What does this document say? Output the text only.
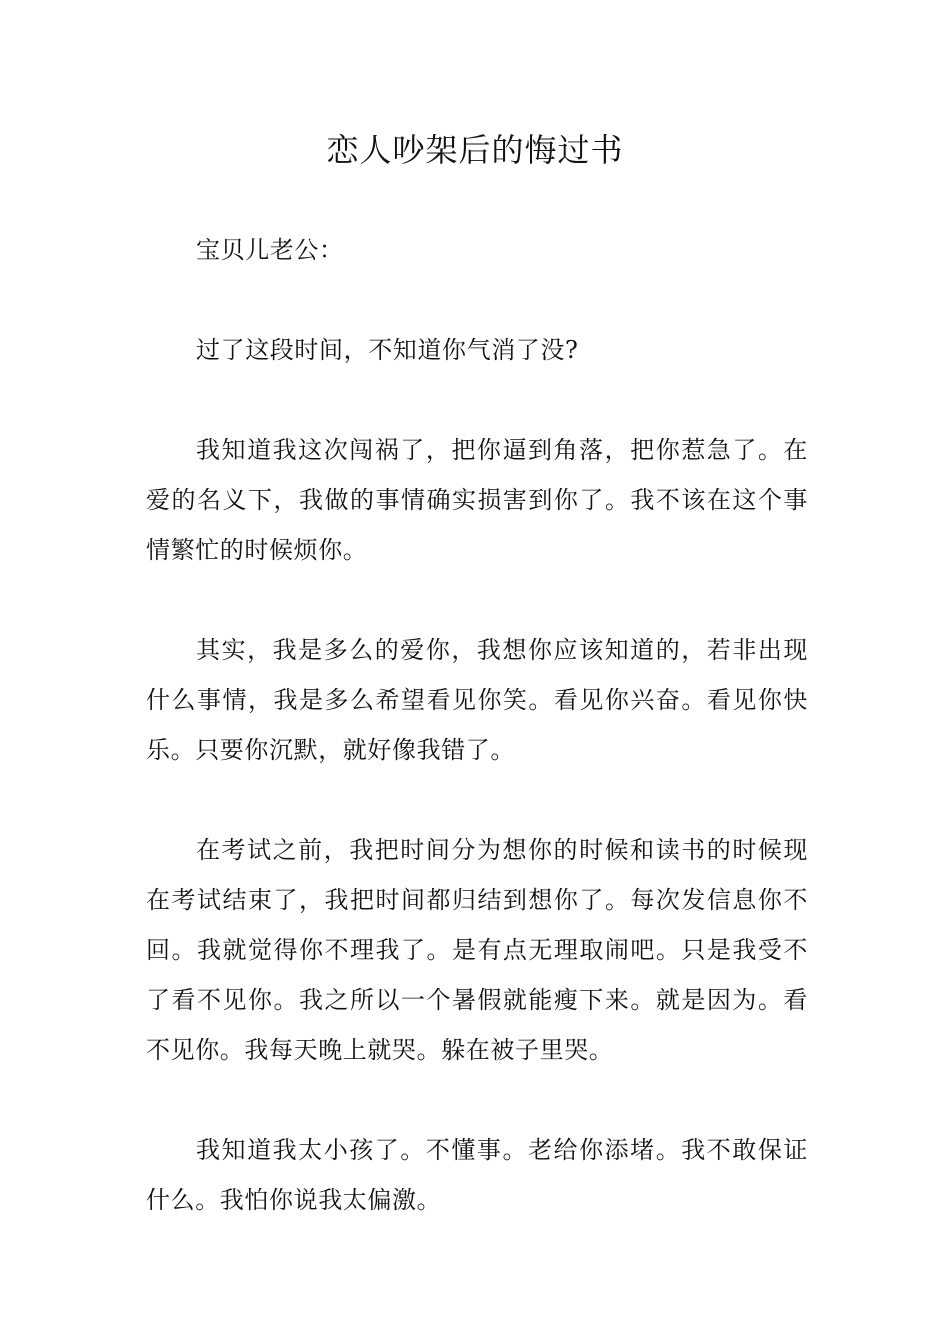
恋人吵架后的悔过书

宝贝儿老公：

过了这段时间，不知道你气消了没?

我知道我这次闯祸了，把你逼到角落，把你惹急了。在爱的名义下，我做的事情确实损害到你了。我不该在这个事情繁忙的时候烦你。

其实，我是多么的爱你，我想你应该知道的，若非出现什么事情，我是多么希望看见你笑。看见你兴奋。看见你快乐。只要你沉默，就好像我错了。

在考试之前，我把时间分为想你的时候和读书的时候现在考试结束了，我把时间都归结到想你了。每次发信息你不回。我就觉得你不理我了。是有点无理取闹吧。只是我受不了看不见你。我之所以一个暑假就能瘦下来。就是因为。看不见你。我每天晚上就哭。躲在被子里哭。

我知道我太小孩了。不懂事。老给你添堵。我不敢保证什么。我怕你说我太偏激。
